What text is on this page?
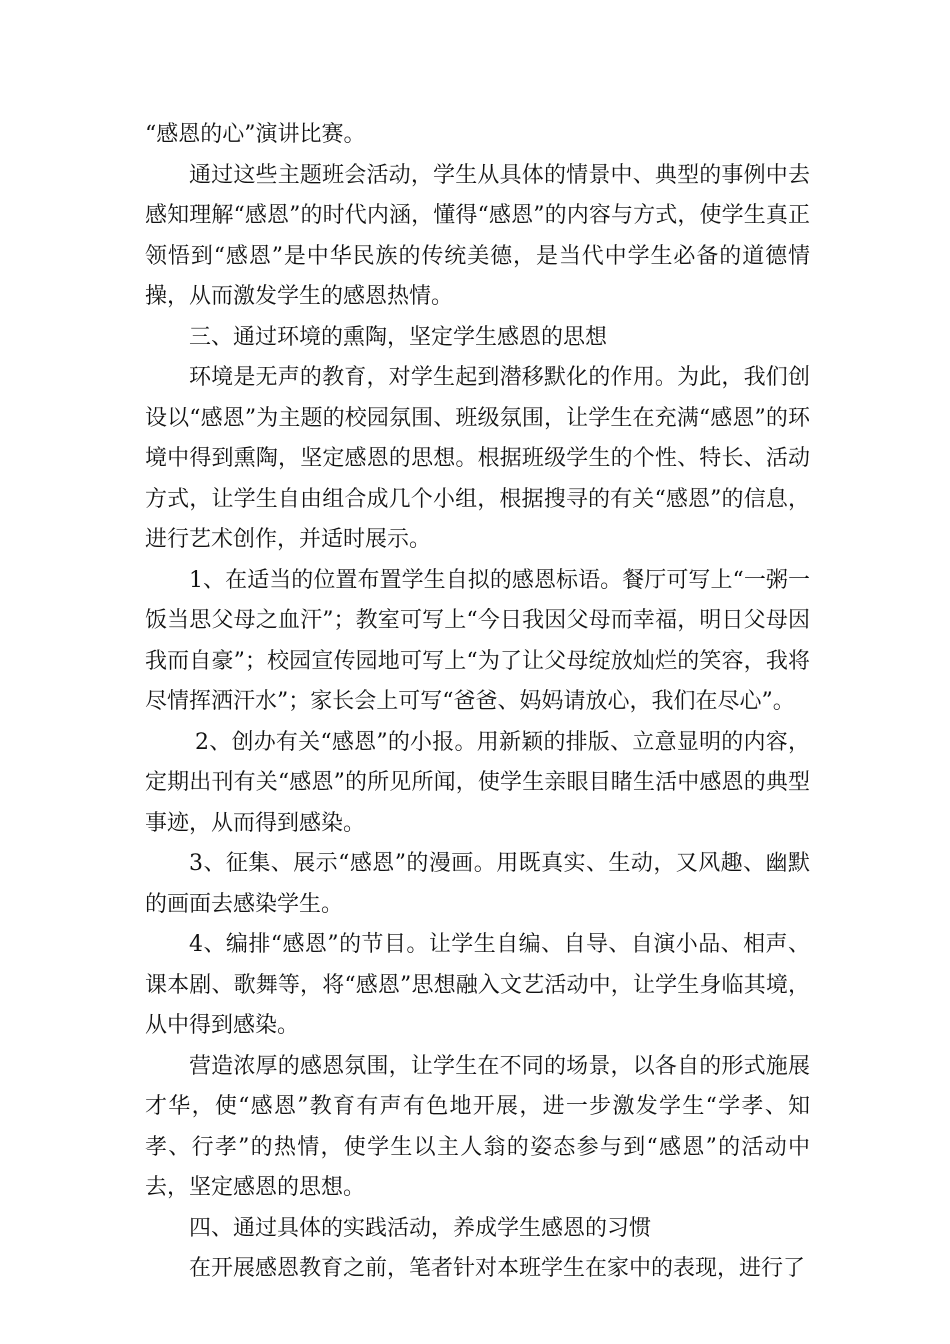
“感恩的心”演讲比赛。

通过这些主题班会活动，学生从具体的情景中、典型的事例中去感知理解“感恩”的时代内涵，懂得“感恩”的内容与方式，使学生真正领悟到“感恩”是中华民族的传统美德，是当代中学生必备的道德情操，从而激发学生的感恩热情。

三、通过环境的熏陶，坚定学生感恩的思想

环境是无声的教育，对学生起到潜移默化的作用。为此，我们创设以“感恩”为主题的校园氛围、班级氛围，让学生在充满“感恩”的环境中得到熏陶，坚定感恩的思想。根据班级学生的个性、特长、活动方式，让学生自由组合成几个小组，根据搜寻的有关“感恩”的信息，进行艺术创作，并适时展示。

1、在适当的位置布置学生自拟的感恩标语。餐厅可写上“一粥一饭当思父母之血汗”；教室可写上“今日我因父母而幸福，明日父母因我而自豪”；校园宣传园地可写上“为了让父母绽放灿烂的笑容，我将尽情挥洒汗水”；家长会上可写“爸爸、妈妈请放心，我们在尽心”。

2、创办有关“感恩”的小报。用新颖的排版、立意显明的内容，定期出刊有关“感恩”的所见所闻，使学生亲眼目睹生活中感恩的典型事迹，从而得到感染。

3、征集、展示“感恩”的漫画。用既真实、生动，又风趣、幽默的画面去感染学生。

4、编排“感恩”的节目。让学生自编、自导、自演小品、相声、课本剧、歌舞等，将“感恩”思想融入文艺活动中，让学生身临其境，从中得到感染。

营造浓厚的感恩氛围，让学生在不同的场景，以各自的形式施展才华，使“感恩”教育有声有色地开展，进一步激发学生“学孝、知孝、行孝”的热情，使学生以主人翁的姿态参与到“感恩”的活动中去，坚定感恩的思想。

四、通过具体的实践活动，养成学生感恩的习惯

在开展感恩教育之前，笔者针对本班学生在家中的表现，进行了
